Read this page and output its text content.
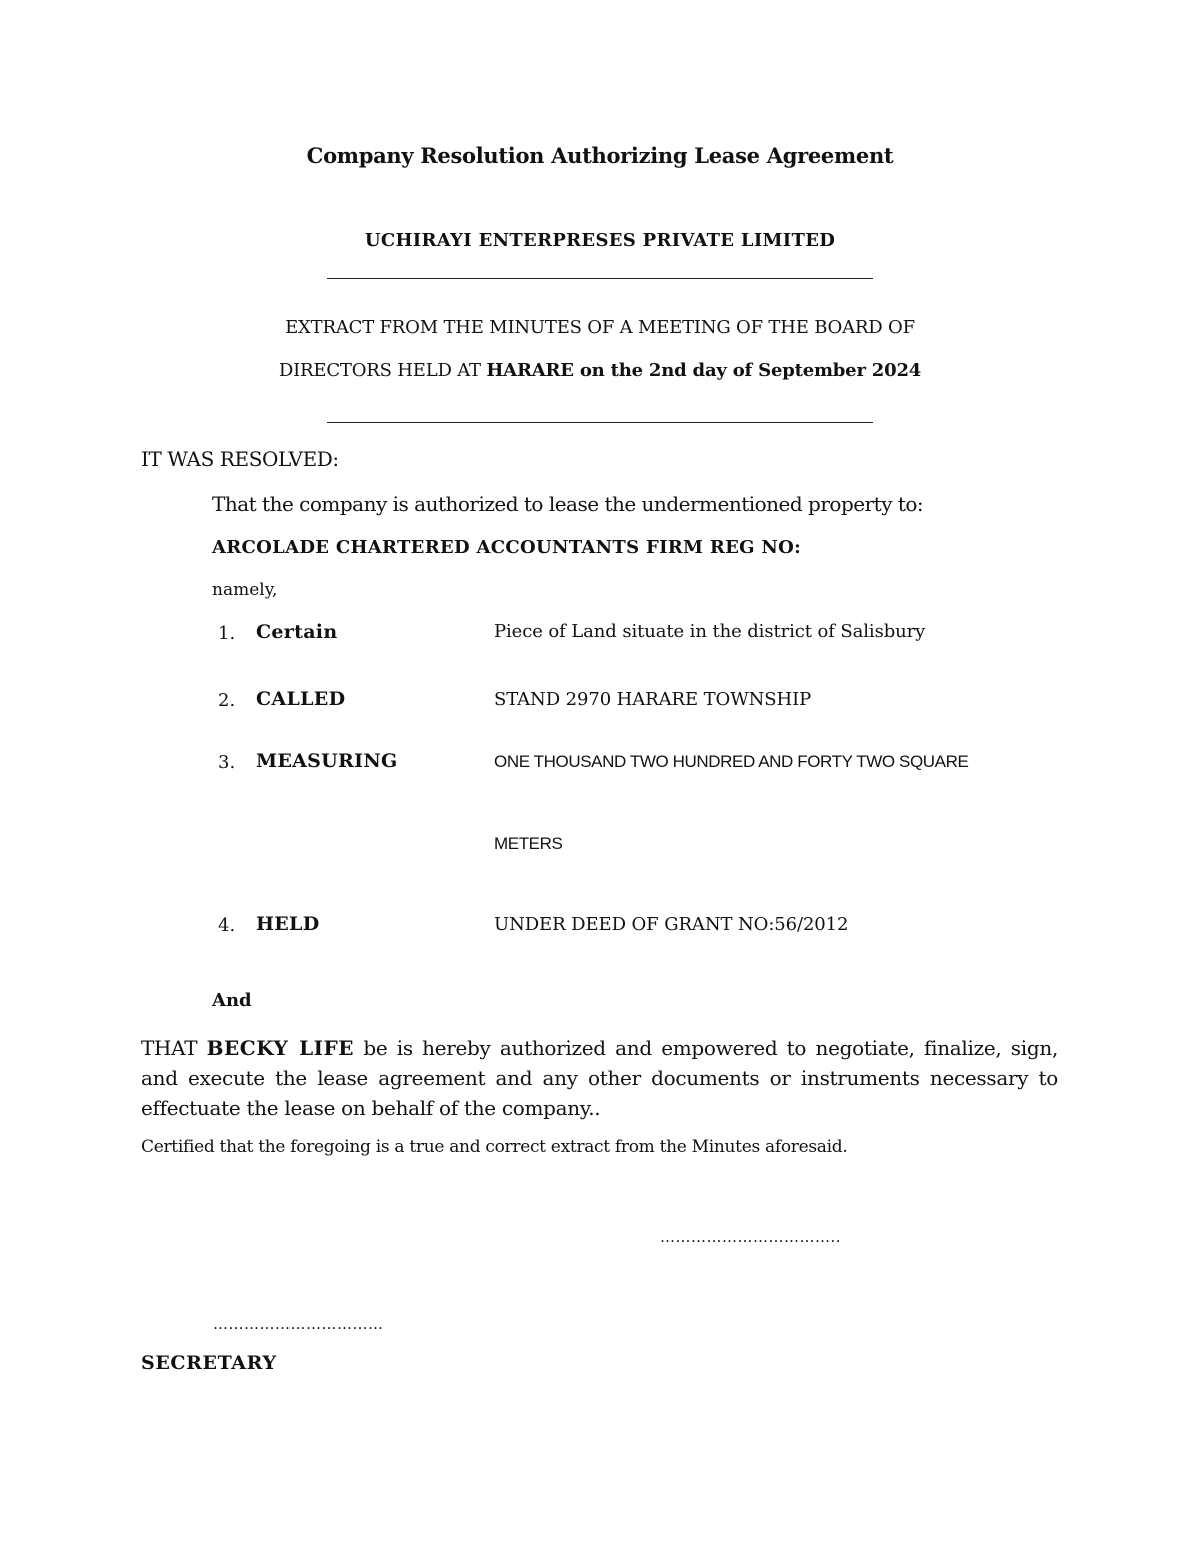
Company Resolution Authorizing Lease Agreement
UCHIRAYI ENTERPRESES PRIVATE LIMITED
EXTRACT FROM THE MINUTES OF A MEETING OF THE BOARD OF
DIRECTORS HELD AT HARARE on the 2nd day of September 2024
IT WAS RESOLVED:
That the company is authorized to lease the undermentioned property to:
ARCOLADE CHARTERED ACCOUNTANTS FIRM REG NO:
namely,
1. Certain	Piece of Land situate in the district of Salisbury
2. CALLED	STAND 2970 HARARE TOWNSHIP
3. MEASURING	ONE THOUSAND TWO HUNDRED AND FORTY TWO SQUARE
METERS
4. HELD	UNDER DEED OF GRANT NO:56/2012
And
THAT BECKY LIFE be is hereby authorized and empowered to negotiate, finalize, sign, and execute the lease agreement and any other documents or instruments necessary to effectuate the lease on behalf of the company..
Certified that the foregoing is a true and correct extract from the Minutes aforesaid.
……………………………..
……………………………
SECRETARY
